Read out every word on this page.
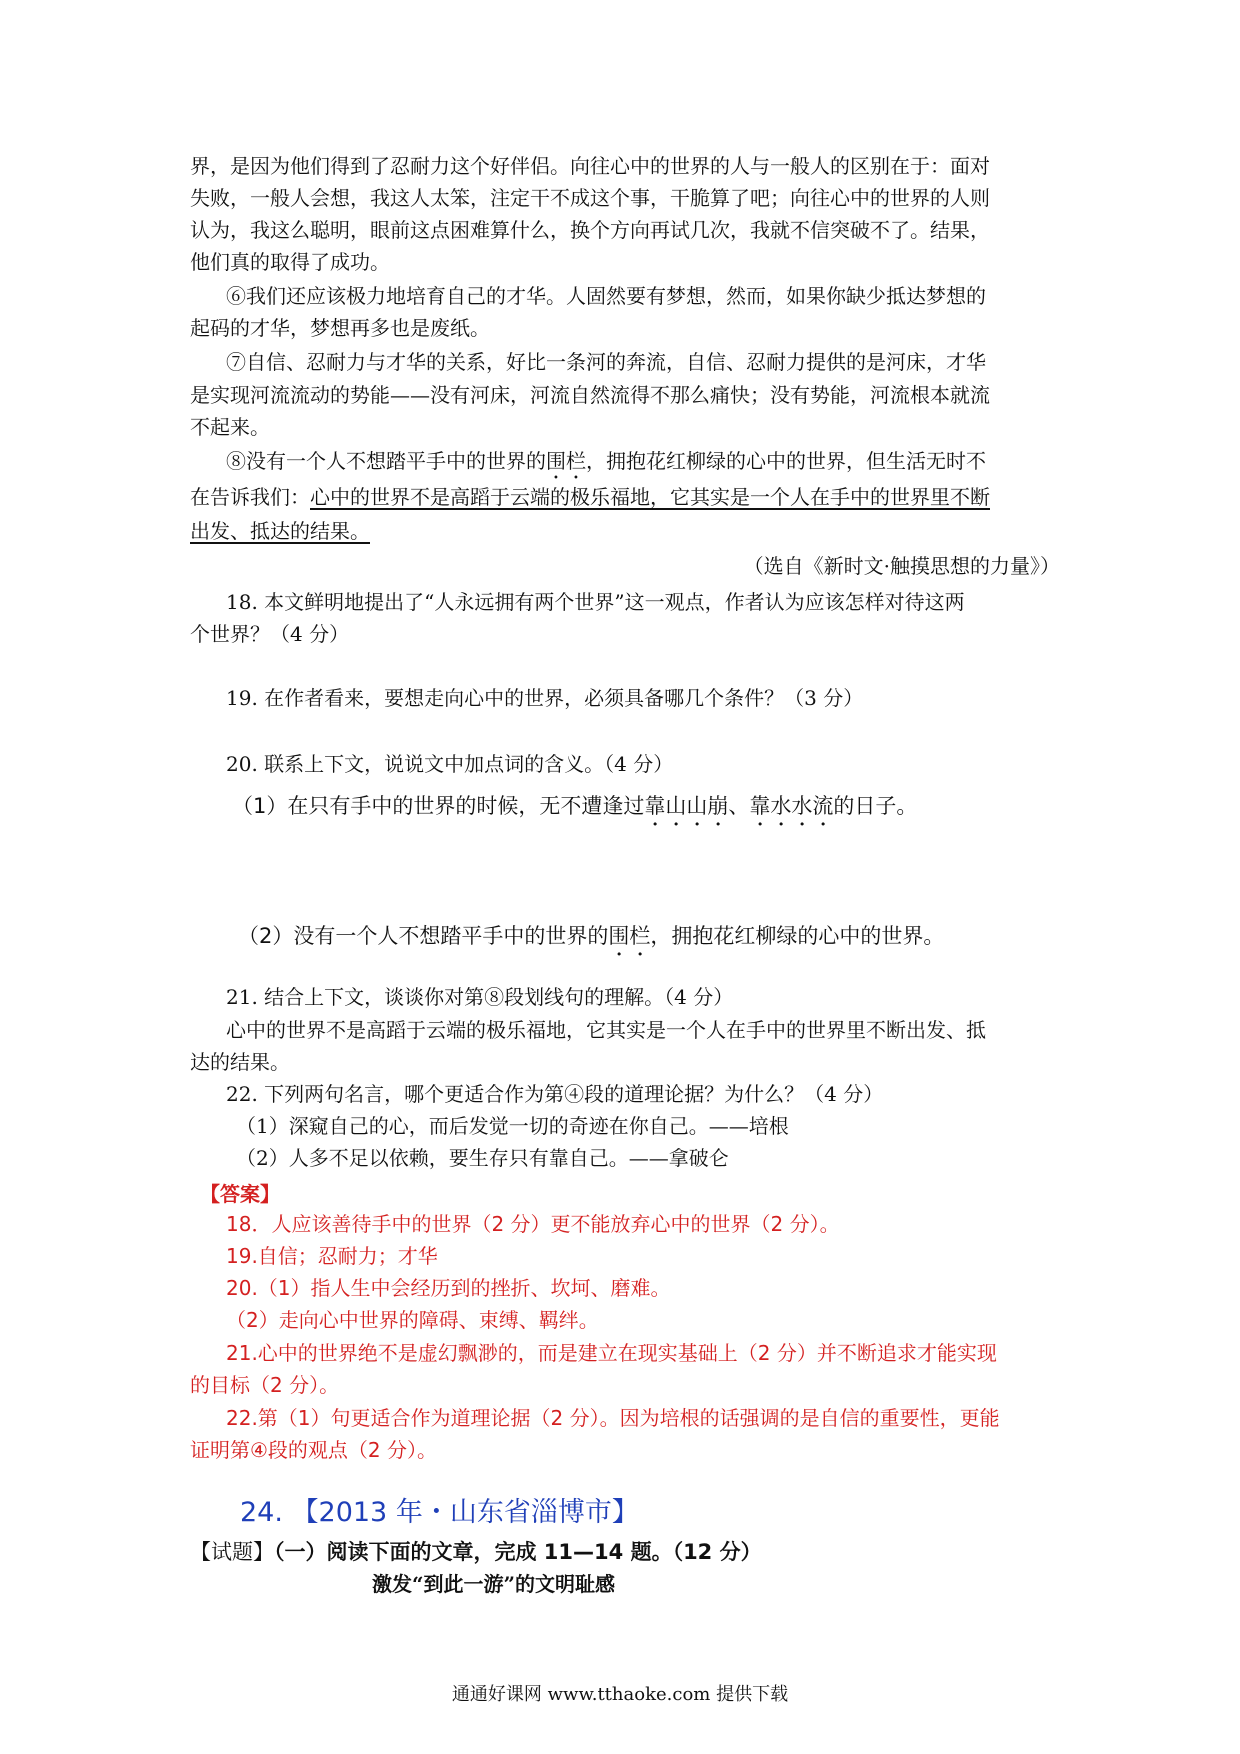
界，是因为他们得到了忍耐力这个好伴侣。向往心中的世界的人与一般人的区别在于：面对
失败，一般人会想，我这人太笨，注定干不成这个事，干脆算了吧；向往心中的世界的人则
认为，我这么聪明，眼前这点困难算什么，换个方向再试几次，我就不信突破不了。结果，
他们真的取得了成功。
⑥我们还应该极力地培育自己的才华。人固然要有梦想，然而，如果你缺少抵达梦想的
起码的才华，梦想再多也是废纸。
⑦自信、忍耐力与才华的关系，好比一条河的奔流，自信、忍耐力提供的是河床，才华
是实现河流流动的势能——没有河床，河流自然流得不那么痛快；没有势能，河流根本就流
不起来。
⑧没有一个人不想踏平手中的世界的围栏，拥抱花红柳绿的心中的世界，但生活无时不
在告诉我们：心中的世界不是高蹈于云端的极乐福地，它其实是一个人在手中的世界里不断
出发、抵达的结果。
（选自《新时文·触摸思想的力量》）
18. 本文鲜明地提出了“人永远拥有两个世界”这一观点，作者认为应该怎样对待这两
个世界？（4 分）
19. 在作者看来，要想走向心中的世界，必须具备哪几个条件？（3 分）
20. 联系上下文，说说文中加点词的含义。（4 分）
（1）在只有手中的世界的时候，无不遭逢过靠山山崩、靠水水流的日子。
（2）没有一个人不想踏平手中的世界的围栏，拥抱花红柳绿的心中的世界。
21. 结合上下文，谈谈你对第⑧段划线句的理解。（4 分）
心中的世界不是高蹈于云端的极乐福地，它其实是一个人在手中的世界里不断出发、抵
达的结果。
22. 下列两句名言，哪个更适合作为第④段的道理论据？为什么？（4 分）
（1）深窥自己的心，而后发觉一切的奇迹在你自己。——培根
（2）人多不足以依赖，要生存只有靠自己。——拿破仑
【答案】
18．人应该善待手中的世界（2 分）更不能放弃心中的世界（2 分）。
19.自信；忍耐力；才华
20.（1）指人生中会经历到的挫折、坎坷、磨难。
（2）走向心中世界的障碍、束缚、羁绊。
21.心中的世界绝不是虚幻飘渺的，而是建立在现实基础上（2 分）并不断追求才能实现
的目标（2 分）。
22.第（1）句更适合作为道理论据（2 分）。因为培根的话强调的是自信的重要性，更能
证明第④段的观点（2 分）。
24. 【2013 年・山东省淄博市】
【试题】（一）阅读下面的文章，完成 11—14 题。（12 分）
激发“到此一游”的文明耻感
通通好课网 www.tthaoke.com 提供下载
